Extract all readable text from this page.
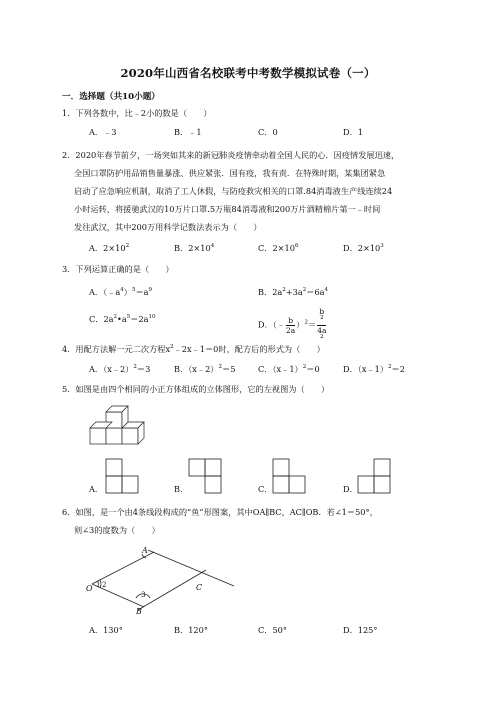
2020年山西省名校联考中考数学模拟试卷（一）
一．选择题（共10小题）
1．下列各数中，比﹣2小的数是（　　）
A．﹣3	B．﹣1	C．0	D．1
2．2020年春节前夕，一场突如其来的新冠肺炎疫情牵动着全国人民的心．因疫情发展迅速，
全国口罩防护用品销售量暴涨、供应紧张．国有疫，我有责．在特殊时期，某集团紧急
启动了应急响应机制，取消了工人休假，与防疫救灾相关的口罩.84消毒液生产线连续24
小时运转，将援驰武汉的10万片口罩.5万瓶84消毒液和200万片酒精棉片第一﹣时间
发往武汉，其中200万用科学记数法表示为（　　）
A．$2\times 10^2$	B．$2\times 10^4$	C．$2\times 10^6$	D．$2\times 10^3$
3．下列运算正确的是（　　）
A．$(﹣a^4)^5=a^9$	B．$2a^2+3a^2=6a^4$
C．$2a^2•a^5=2a^{10}$
D．（﹣ $\frac{b}{2a} )^2= b$
$^2$
4a
$^2$
4．用配方法解一元二次方程$x^2﹣2x﹣1=0$时，配方后的形式为（　　）
A．（x﹣2）$^2$＝3	B．（x﹣2）$^2$＝5	C．（x﹣1）$^2$＝0	D．（x﹣1）$^2$＝2
5．如图是由四个相同的小正方体组成的立体图形，它的左视图为（　　）
A．	B．	C．	D．
6．如图，是一个由4条线段构成的“鱼”形图案，其中OA∥BC，AC∥OB．若∠1＝50°，
则∠3的度数为（　　）
A
O	C
B
1 2
3
A．130°	B．120°	C．50°	D．125°
